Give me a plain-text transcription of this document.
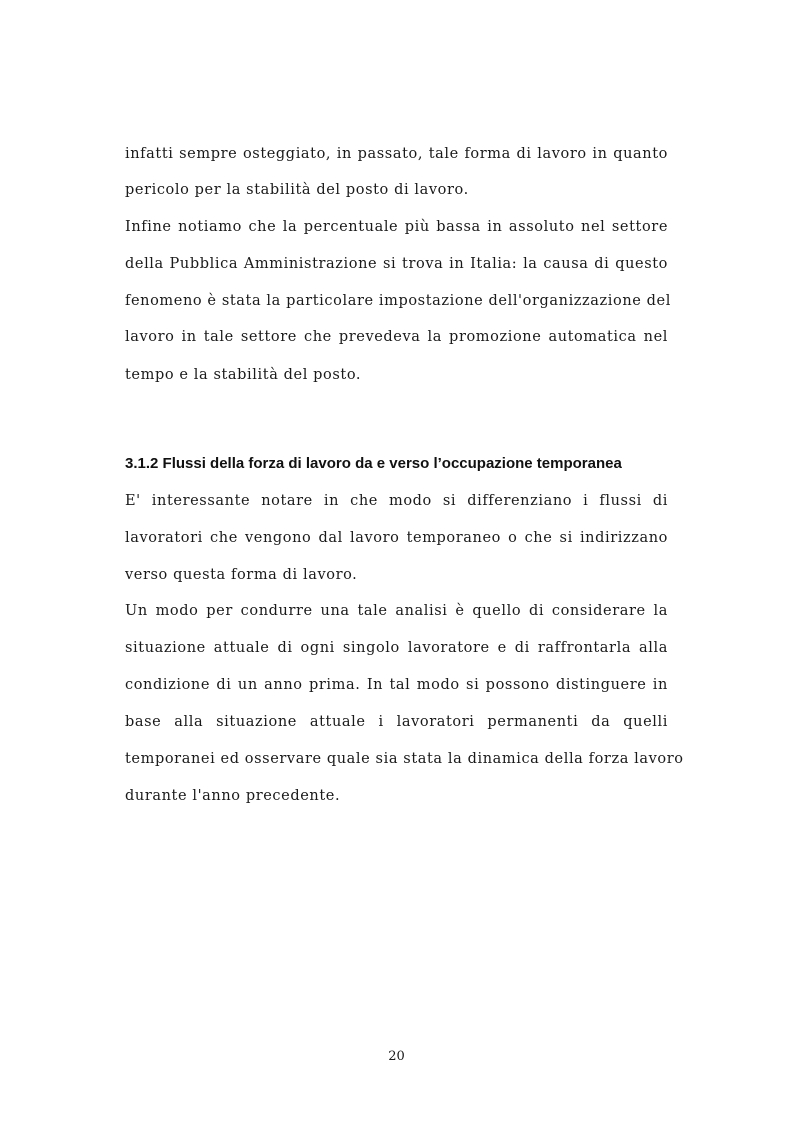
infatti sempre osteggiato, in passato, tale forma di lavoro in quanto
pericolo per la stabilità del posto di lavoro.
Infine notiamo che la percentuale più bassa in assoluto nel settore
della Pubblica Amministrazione si trova in Italia: la causa di questo
fenomeno è stata la particolare impostazione dell'organizzazione del
lavoro in tale settore che prevedeva la promozione automatica nel
tempo e la stabilità del posto.
3.1.2 Flussi della forza di lavoro da e verso l’occupazione temporanea
E' interessante notare in che modo si differenziano i flussi di
lavoratori che vengono dal lavoro temporaneo o che si indirizzano
verso questa forma di lavoro.
Un modo per condurre una tale analisi è quello di considerare la
situazione attuale di ogni singolo lavoratore e di raffrontarla alla
condizione di un anno prima. In tal modo si possono distinguere in
base alla situazione attuale i lavoratori permanenti da quelli
temporanei ed osservare quale sia stata la dinamica della forza lavoro
durante l'anno precedente.
20
